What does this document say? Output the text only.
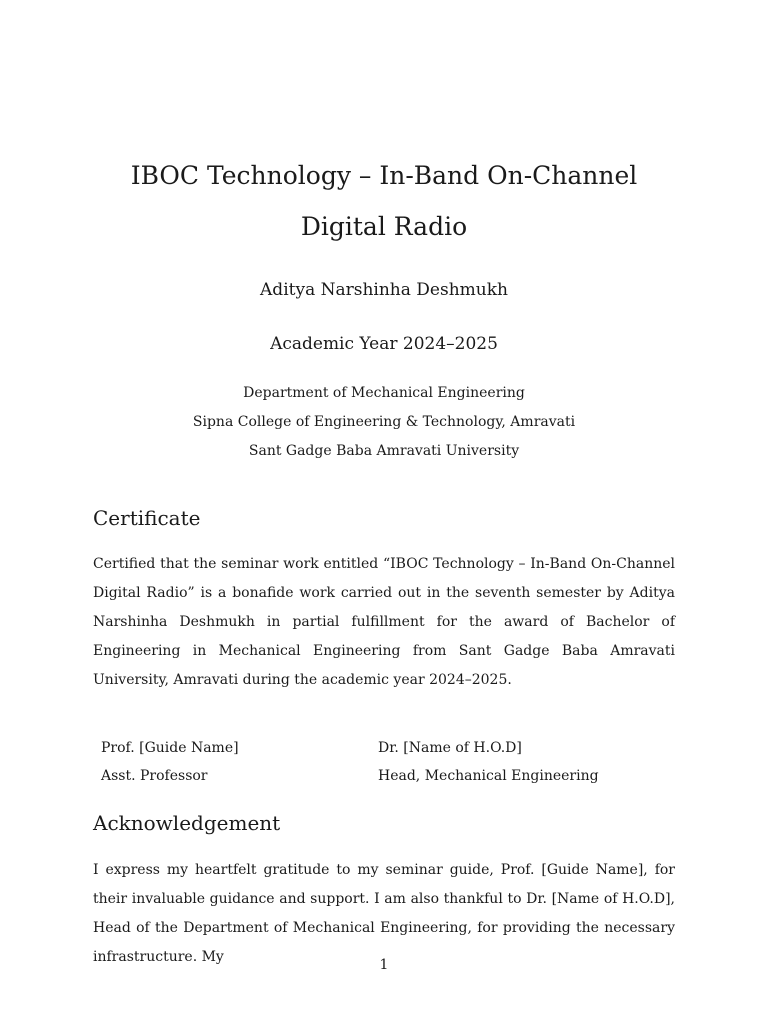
IBOC Technology – In-Band On-Channel Digital Radio
Aditya Narshinha Deshmukh
Academic Year 2024–2025
Department of Mechanical Engineering
Sipna College of Engineering & Technology, Amravati
Sant Gadge Baba Amravati University
Certificate

Certified that the seminar work entitled “IBOC Technology – In-Band On-Channel Digital Radio” is a bonafide work carried out in the seventh semester by Aditya Narshinha Deshmukh in partial fulfillment for the award of Bachelor of Engineering in Mechanical Engineering from Sant Gadge Baba Amravati University, Amravati during the academic year 2024–2025.

Prof. [Guide Name]
Asst. Professor
Dr. [Name of H.O.D]
Head, Mechanical Engineering
Acknowledgement

I express my heartfelt gratitude to my seminar guide, Prof. [Guide Name], for their invaluable guidance and support. I am also thankful to Dr. [Name of H.O.D], Head of the Department of Mechanical Engineering, for providing the necessary infrastructure. My	1
